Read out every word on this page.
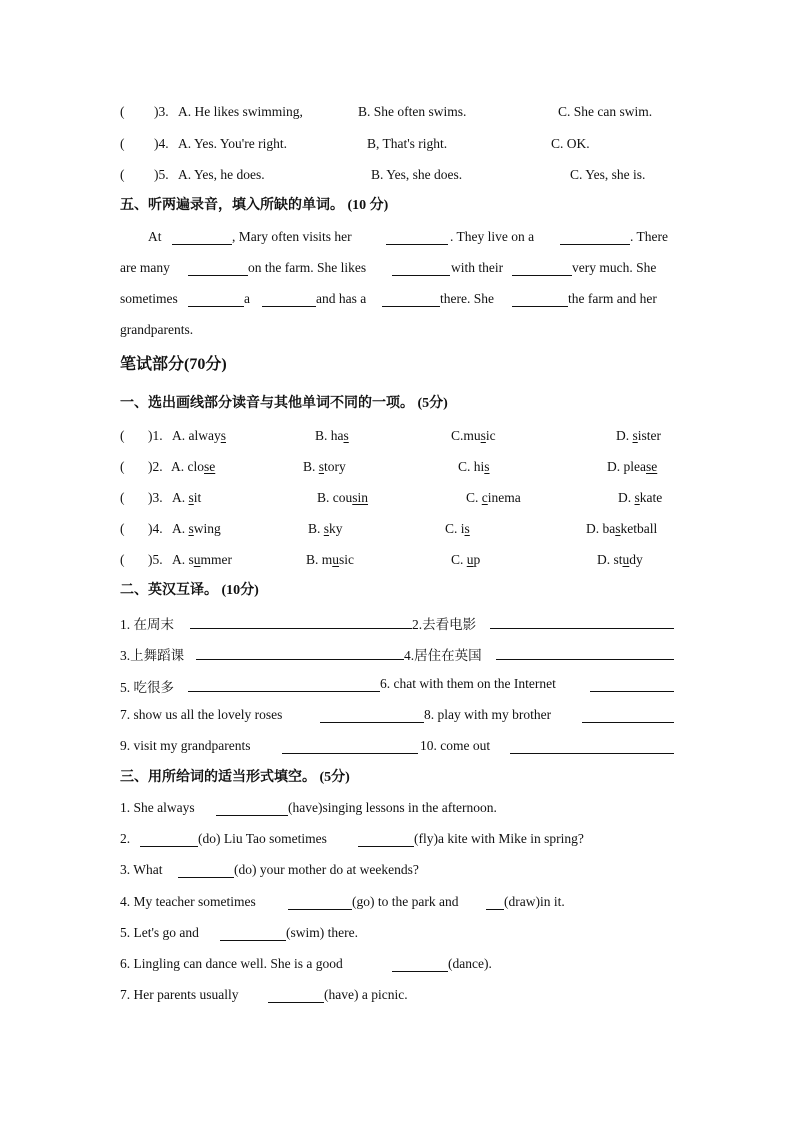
( )3. A. He likes swimming,	B. She often swims.	C. She can swim.
( )4. A. Yes. You're right.	B, That's right.	C. OK.
( )5. A. Yes, he does.	B. Yes, she does.	C. Yes, she is.
五、听两遍录音，填入所缺的单词。 (10 分)
At	, Mary often visits her	. They live on a	. There
are many	on the farm. She likes	with their	very much. She
sometimes	a	and has a	there. She	the farm and her
grandparents.
笔试部分(70分)
一、选出画线部分读音与其他单词不同的一项。 (5分)
( )1. A. always	B. has	C.music	D. sister
( )2. A. close	B. story	C. his	D. please
( )3. A. sit	B. cousin	C. cinema	D. skate
( )4. A. swing	B. sky	C. is	D. basketball
( )5. A. summer	B. music	C. up	D. study
二、英汉互译。 (10分)
1. 在周末	2.去看电影
3.上舞蹈课	4.居住在英国
5. 吃很多	6. chat with them on the Internet
7. show us all the lovely roses	8. play with my brother
9. visit my grandparents	10. come out
三、用所给词的适当形式填空。 (5分)
1. She always	(have)singing lessons in the afternoon.
2.	(do) Liu Tao sometimes	(fly)a kite with Mike in spring?
3. What	(do) your mother do at weekends?
4. My teacher sometimes	(go) to the park and	(draw)in it.
5. Let's go and	(swim) there.
6. Lingling can dance well. She is a good	(dance).
7. Her parents usually	(have) a picnic.
